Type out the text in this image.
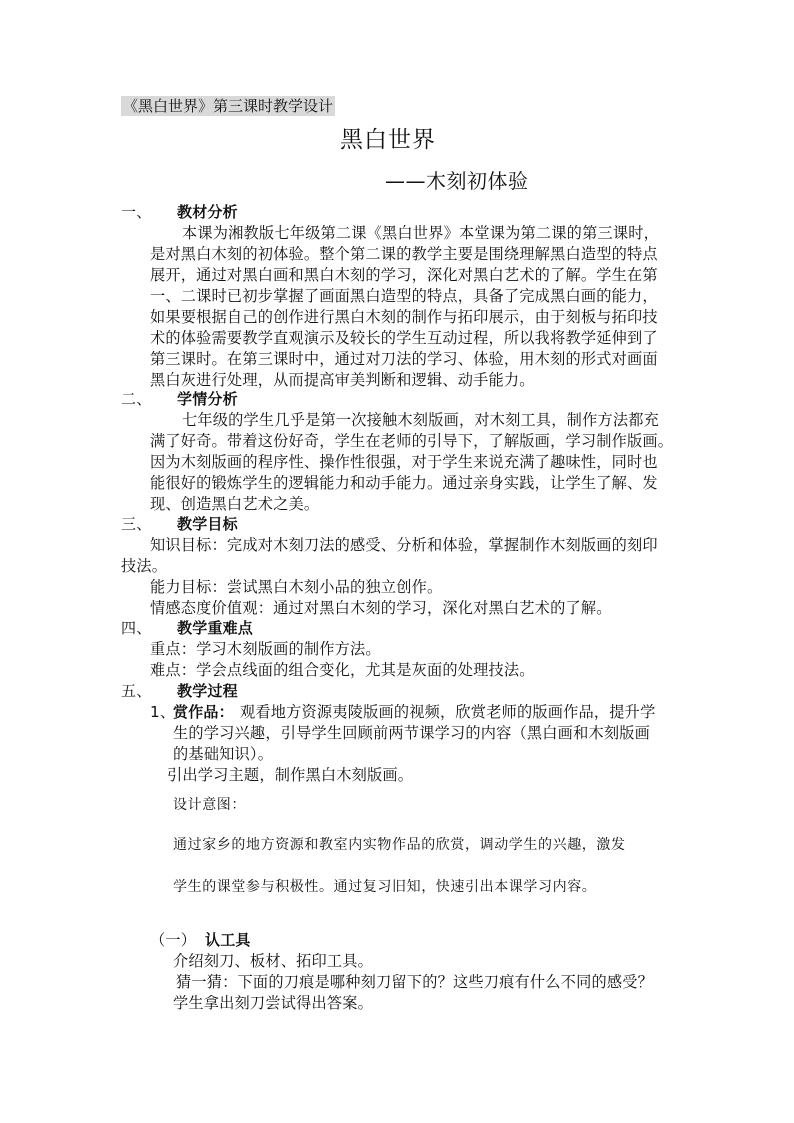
《黑白世界》第三课时教学设计
黑白世界
——木刻初体验
一、 教材分析
本课为湘教版七年级第二课《黑白世界》本堂课为第二课的第三课时，
是对黑白木刻的初体验。整个第二课的教学主要是围绕理解黑白造型的特点
展开，通过对黑白画和黑白木刻的学习，深化对黑白艺术的了解。学生在第
一、二课时已初步掌握了画面黑白造型的特点，具备了完成黑白画的能力，
如果要根据自己的创作进行黑白木刻的制作与拓印展示，由于刻板与拓印技
术的体验需要教学直观演示及较长的学生互动过程，所以我将教学延伸到了
第三课时。在第三课时中，通过对刀法的学习、体验，用木刻的形式对画面
黑白灰进行处理，从而提高审美判断和逻辑、动手能力。
二、 学情分析
七年级的学生几乎是第一次接触木刻版画，对木刻工具，制作方法都充
满了好奇。带着这份好奇，学生在老师的引导下，了解版画，学习制作版画。
因为木刻版画的程序性、操作性很强，对于学生来说充满了趣味性，同时也
能很好的锻炼学生的逻辑能力和动手能力。通过亲身实践，让学生了解、发
现、创造黑白艺术之美。
三、 教学目标
知识目标：完成对木刻刀法的感受、分析和体验，掌握制作木刻版画的刻印
技法。
能力目标：尝试黑白木刻小品的独立创作。
情感态度价值观：通过对黑白木刻的学习，深化对黑白艺术的了解。
四、 教学重难点
重点：学习木刻版画的制作方法。
难点：学会点线面的组合变化，尤其是灰面的处理技法。
五、 教学过程
1、
赏作品： 观看地方资源夷陵版画的视频，欣赏老师的版画作品，提升学
生的学习兴趣，引导学生回顾前两节课学习的内容（黑白画和木刻版画
的基础知识）。
引出学习主题，制作黑白木刻版画。
设计意图：
通过家乡的地方资源和教室内实物作品的欣赏，调动学生的兴趣，激发
学生的课堂参与积极性。通过复习旧知，快速引出本课学习内容。
（一） 认工具
介绍刻刀、板材、拓印工具。
猜一猜：下面的刀痕是哪种刻刀留下的？这些刀痕有什么不同的感受？
学生拿出刻刀尝试得出答案。
